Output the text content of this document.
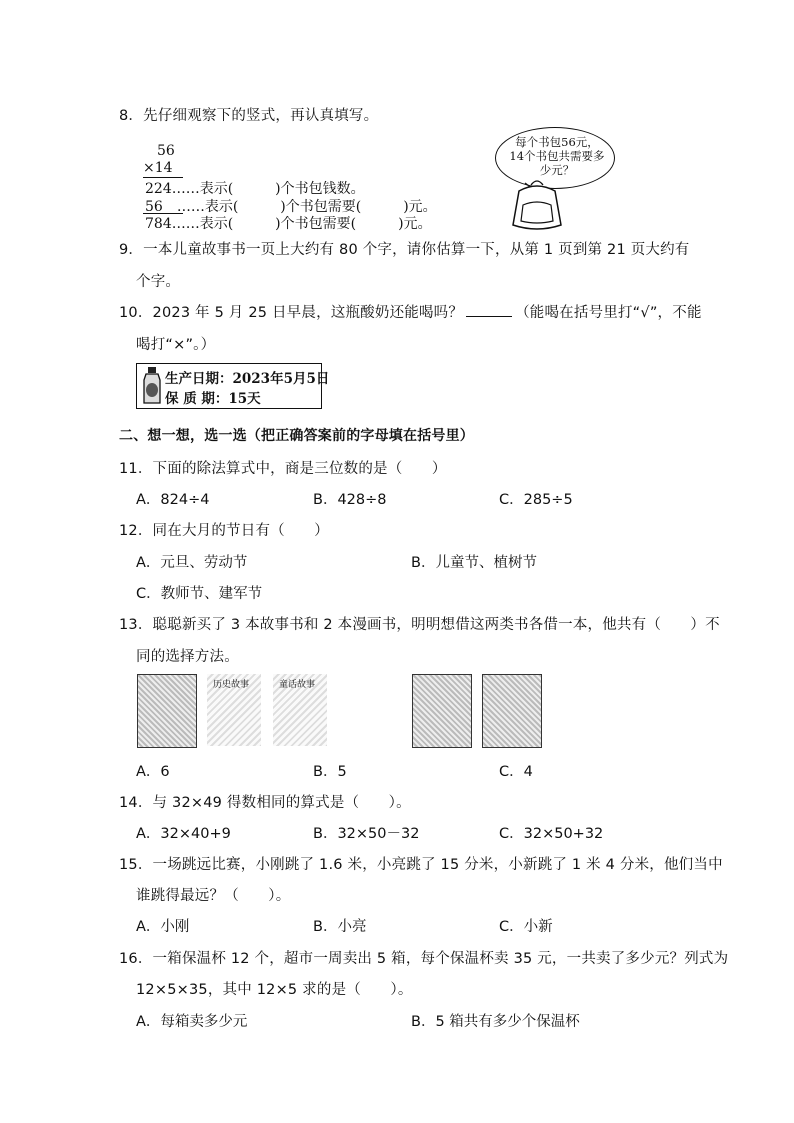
8．先仔细观察下的竖式，再认真填写。
56
×14
224……表示(　　　)个书包钱数。
56　……表示(　　　)个书包需要(　　　)元。
784……表示(　　　)个书包需要(　　　)元。
每个书包56元，
14个书包共需要多
少元？
9．一本儿童故事书一页上大约有 80 个字，请你估算一下，从第 1 页到第 21 页大约有
个字。
10．2023 年 5 月 25 日早晨，这瓶酸奶还能喝吗？	（能喝在括号里打“√”，不能
喝打“×”。）
生产日期：2023年5月5日
保 质 期：15天
二、想一想，选一选（把正确答案前的字母填在括号里）
11．下面的除法算式中，商是三位数的是（　　）
A．824÷4	B．428÷8	C．285÷5
12．同在大月的节日有（　　）
A．元旦、劳动节	B．儿童节、植树节
C．教师节、建军节
13．聪聪新买了 3 本故事书和 2 本漫画书，明明想借这两类书各借一本，他共有（　　）不
同的选择方法。
历史故事	童话故事
A．6	B．5	C．4
14．与 32×49 得数相同的算式是（　　）。
A．32×40+9	B．32×50－32	C．32×50+32
15．一场跳远比赛，小刚跳了 1.6 米，小亮跳了 15 分米，小新跳了 1 米 4 分米，他们当中
谁跳得最远？（　　）。
A．小刚	B．小亮	C．小新
16．一箱保温杯 12 个，超市一周卖出 5 箱，每个保温杯卖 35 元，一共卖了多少元？列式为
12×5×35，其中 12×5 求的是（　　）。
A．每箱卖多少元	B．5 箱共有多少个保温杯
